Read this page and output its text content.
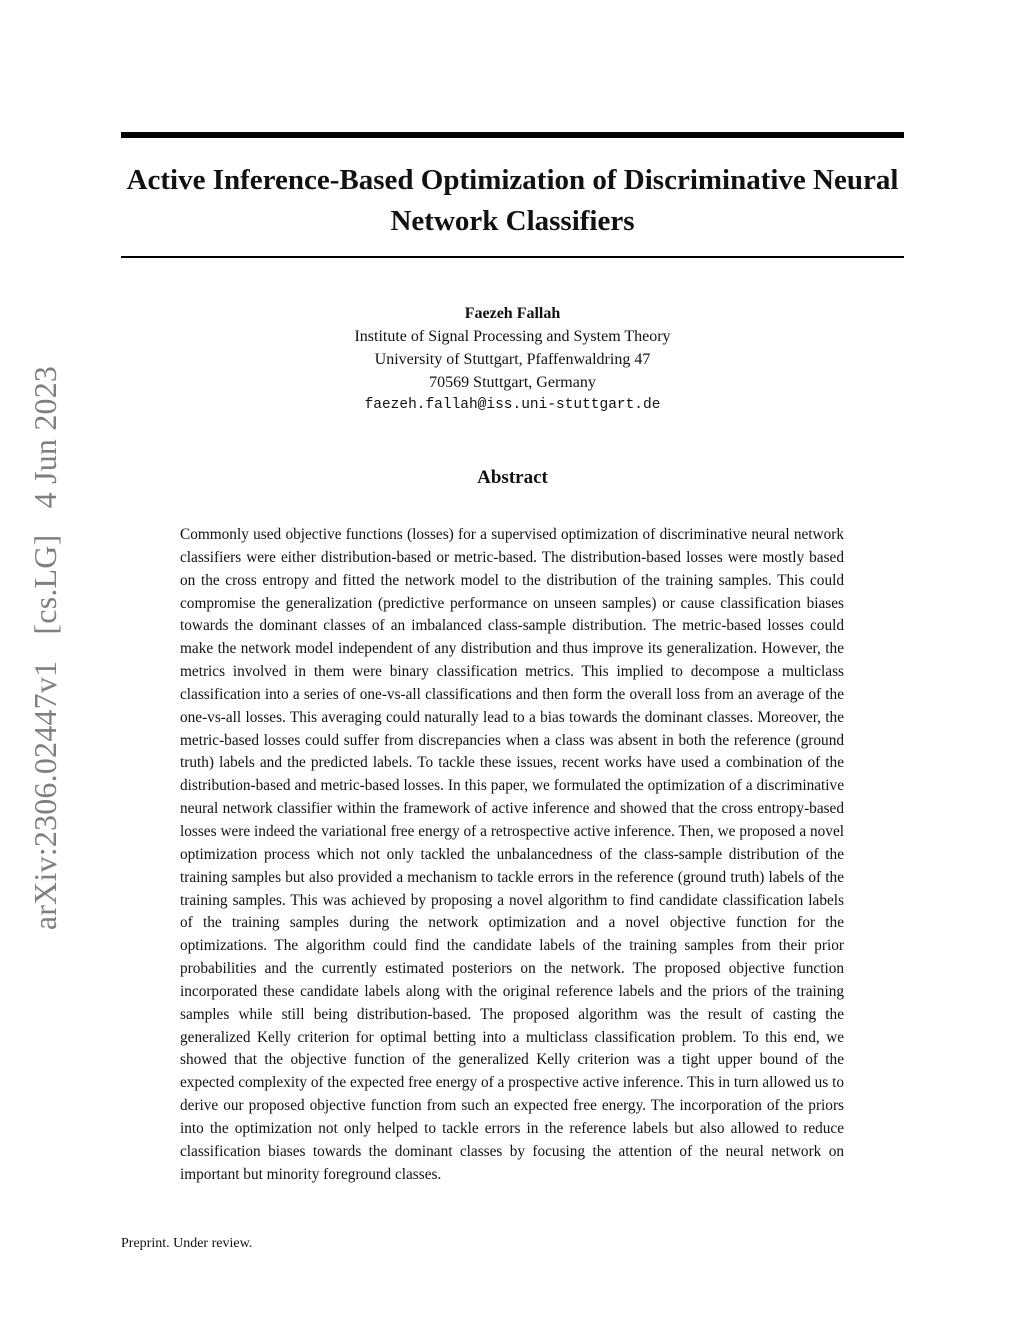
Active Inference-Based Optimization of Discriminative Neural Network Classifiers
Faezeh Fallah
Institute of Signal Processing and System Theory
University of Stuttgart, Pfaffenwaldring 47
70569 Stuttgart, Germany
faezeh.fallah@iss.uni-stuttgart.de
Abstract

Commonly used objective functions (losses) for a supervised optimization of discriminative neural network classifiers were either distribution-based or metric-based. The distribution-based losses were mostly based on the cross entropy and fitted the network model to the distribution of the training samples. This could compromise the generalization (predictive performance on unseen samples) or cause classification biases towards the dominant classes of an imbalanced class-sample distribution. The metric-based losses could make the network model independent of any distribution and thus improve its generalization. However, the metrics involved in them were binary classification metrics. This implied to decompose a multiclass classification into a series of one-vs-all classifications and then form the overall loss from an average of the one-vs-all losses. This averaging could naturally lead to a bias towards the dominant classes. Moreover, the metric-based losses could suffer from discrepancies when a class was absent in both the reference (ground truth) labels and the predicted labels. To tackle these issues, recent works have used a combination of the distribution-based and metric-based losses. In this paper, we formulated the optimization of a discriminative neural network classifier within the framework of active inference and showed that the cross entropy-based losses were indeed the variational free energy of a retrospective active inference. Then, we proposed a novel optimization process which not only tackled the unbalancedness of the class-sample distribution of the training samples but also provided a mechanism to tackle errors in the reference (ground truth) labels of the training samples. This was achieved by proposing a novel algorithm to find candidate classification labels of the training samples during the network optimization and a novel objective function for the optimizations. The algorithm could find the candidate labels of the training samples from their prior probabilities and the currently estimated posteriors on the network. The proposed objective function incorporated these candidate labels along with the original reference labels and the priors of the training samples while still being distribution-based. The proposed algorithm was the result of casting the generalized Kelly criterion for optimal betting into a multiclass classification problem. To this end, we showed that the objective function of the generalized Kelly criterion was a tight upper bound of the expected complexity of the expected free energy of a prospective active inference. This in turn allowed us to derive our proposed objective function from such an expected free energy. The incorporation of the priors into the optimization not only helped to tackle errors in the reference labels but also allowed to reduce classification biases towards the dominant classes by focusing the attention of the neural network on important but minority foreground classes.

arXiv:2306.02447v1 [cs.LG] 4 Jun 2023
Preprint. Under review.
